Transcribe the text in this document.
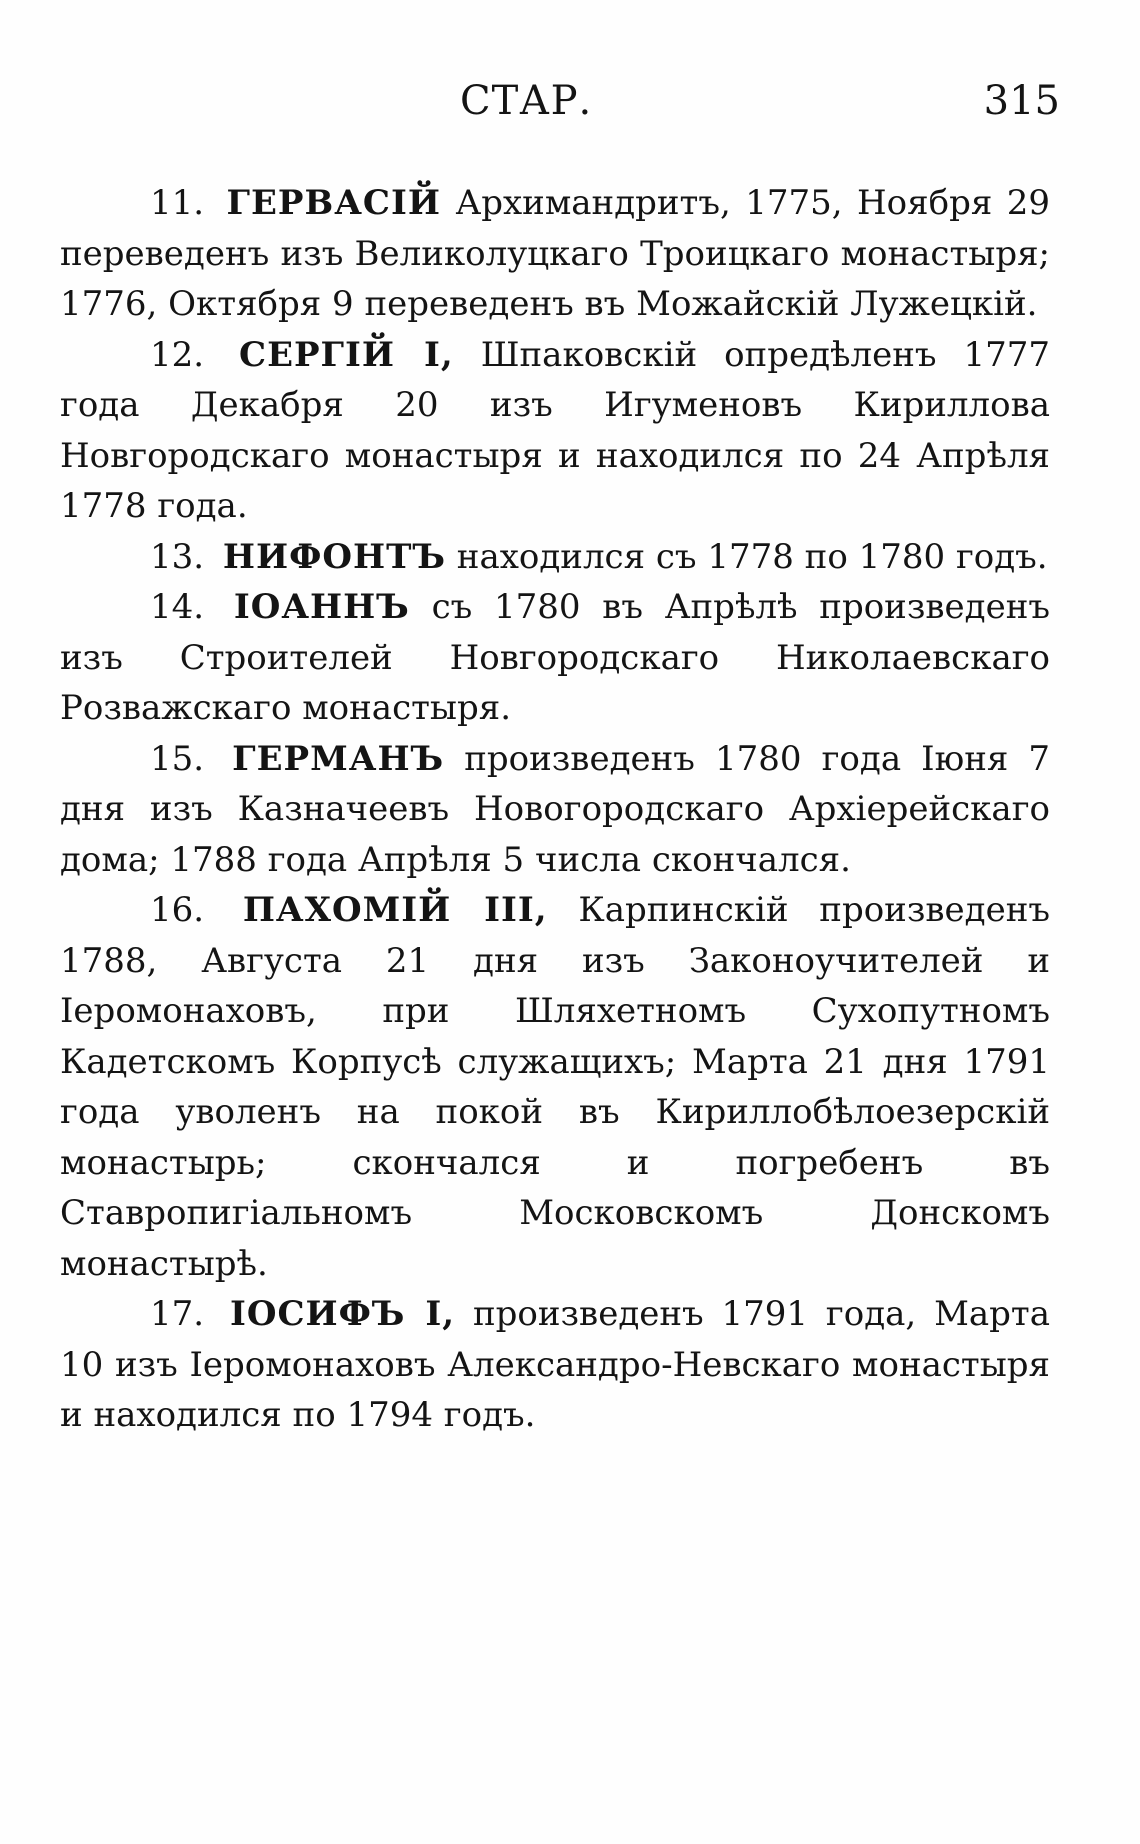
СТАР.	315

11. ГЕРВАСІЙ Архимандритъ, 1775, Ноября 29 переведенъ изъ Великолуцкаго Троицкаго монастыря; 1776, Октября 9 переведенъ въ Можайскій Лужецкій.

12. СЕРГІЙ I, Шпаковскій опредѣленъ 1777 года Декабря 20 изъ Игуменовъ Кириллова Новгородскаго монастыря и находился по 24 Апрѣля 1778 года.

13. НИФОНТЪ находился съ 1778 по 1780 годъ.

14. ІОАННЪ съ 1780 въ Апрѣлѣ произведенъ изъ Строителей Новгородскаго Николаевскаго Розважскаго монастыря.

15. ГЕРМАНЪ произведенъ 1780 года Іюня 7 дня изъ Казначеевъ Новогородскаго Архіерейскаго дома; 1788 года Апрѣля 5 числа скончался.

16. ПАХОМІЙ III, Карпинскій произведенъ 1788, Августа 21 дня изъ Законоучителей и Іеромонаховъ, при Шляхетномъ Сухопутномъ Кадетскомъ Корпусѣ служащихъ; Марта 21 дня 1791 года уволенъ на покой въ Кириллобѣлоезерскій монастырь; скончался и погребенъ въ Ставропигіальномъ Московскомъ Донскомъ монастырѣ.

17. ІОСИФЪ I, произведенъ 1791 года, Марта 10 изъ Іеромонаховъ Александро-Невскаго монастыря и находился по 1794 годъ.
